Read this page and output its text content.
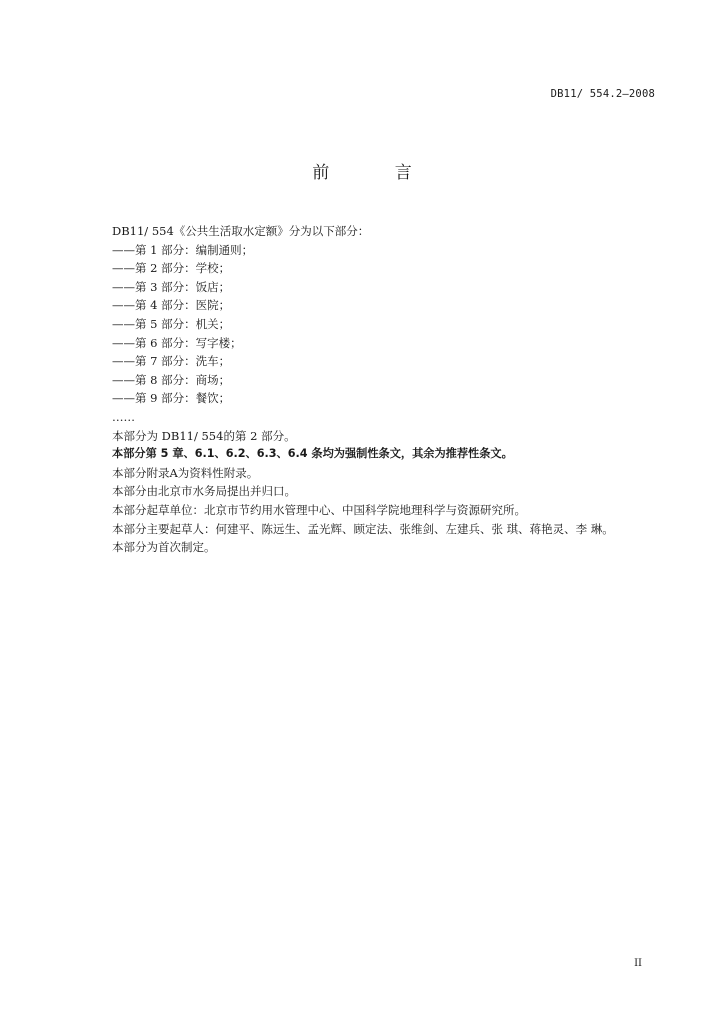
DB11/ 554.2—2008
前 言
DB11/ 554《公共生活取水定额》分为以下部分：
——第 1 部分：编制通则；
——第 2 部分：学校；
——第 3 部分：饭店；
——第 4 部分：医院；
——第 5 部分：机关；
——第 6 部分：写字楼；
——第 7 部分：洗车；
——第 8 部分：商场；
——第 9 部分：餐饮；
……
本部分为 DB11/ 554的第 2 部分。
本部分第 5 章、6.1、6.2、6.3、6.4 条均为强制性条文，其余为推荐性条文。
本部分附录A为资料性附录。
本部分由北京市水务局提出并归口。
本部分起草单位：北京市节约用水管理中心、中国科学院地理科学与资源研究所。
本部分主要起草人：何建平、陈远生、孟光辉、顾定法、张维剑、左建兵、张 琪、蒋艳灵、李 琳。
本部分为首次制定。
II
